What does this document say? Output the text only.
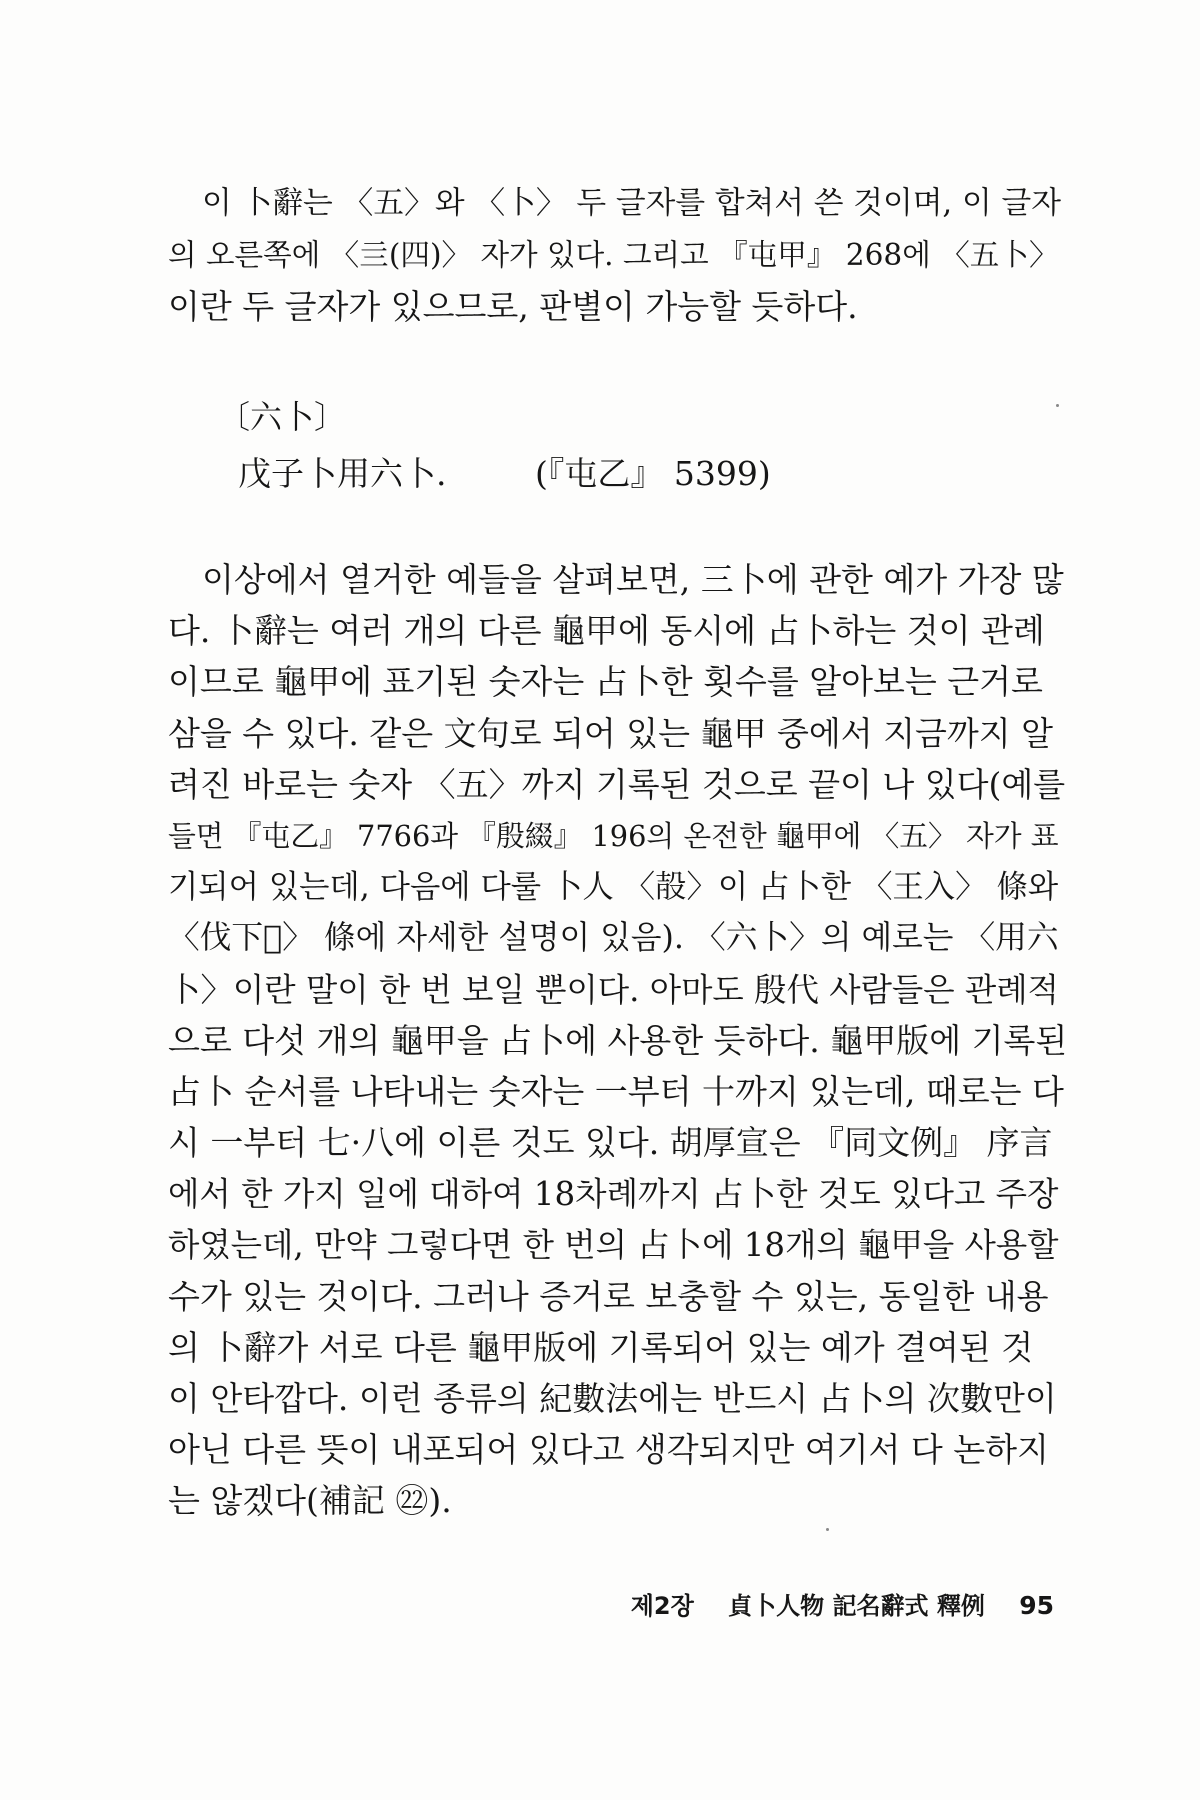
이 卜辭는 〈五〉와 〈卜〉 두 글자를 합쳐서 쓴 것이며, 이 글자
의 오른쪽에 〈亖(四)〉 자가 있다. 그리고 『屯甲』 268에 〈五卜〉
이란 두 글자가 있으므로, 판별이 가능할 듯하다.
〔六卜〕
戊子卜用六卜.	(『屯乙』 5399)
이상에서 열거한 예들을 살펴보면, 三卜에 관한 예가 가장 많
다. 卜辭는 여러 개의 다른 龜甲에 동시에 占卜하는 것이 관례
이므로 龜甲에 표기된 숫자는 占卜한 횟수를 알아보는 근거로
삼을 수 있다. 같은 文句로 되어 있는 龜甲 중에서 지금까지 알
려진 바로는 숫자 〈五〉까지 기록된 것으로 끝이 나 있다(예를
들면 『屯乙』 7766과 『殷綴』 196의 온전한 龜甲에 〈五〉 자가 표
기되어 있는데, 다음에 다룰 卜人 〈㱿〉이 占卜한 〈王入〉 條와
〈伐下𡉈〉 條에 자세한 설명이 있음). 〈六卜〉의 예로는 〈用六
卜〉이란 말이 한 번 보일 뿐이다. 아마도 殷代 사람들은 관례적
으로 다섯 개의 龜甲을 占卜에 사용한 듯하다. 龜甲版에 기록된
占卜 순서를 나타내는 숫자는 一부터 十까지 있는데, 때로는 다
시 一부터 七·八에 이른 것도 있다. 胡厚宣은 『同文例』 序言
에서 한 가지 일에 대하여 18차례까지 占卜한 것도 있다고 주장
하였는데, 만약 그렇다면 한 번의 占卜에 18개의 龜甲을 사용할
수가 있는 것이다. 그러나 증거로 보충할 수 있는, 동일한 내용
의 卜辭가 서로 다른 龜甲版에 기록되어 있는 예가 결여된 것
이 안타깝다. 이런 종류의 紀數法에는 반드시 占卜의 次數만이
아닌 다른 뜻이 내포되어 있다고 생각되지만 여기서 다 논하지
는 않겠다(補記 ㉒).
제2장 貞卜人物 記名辭式 釋例 95
